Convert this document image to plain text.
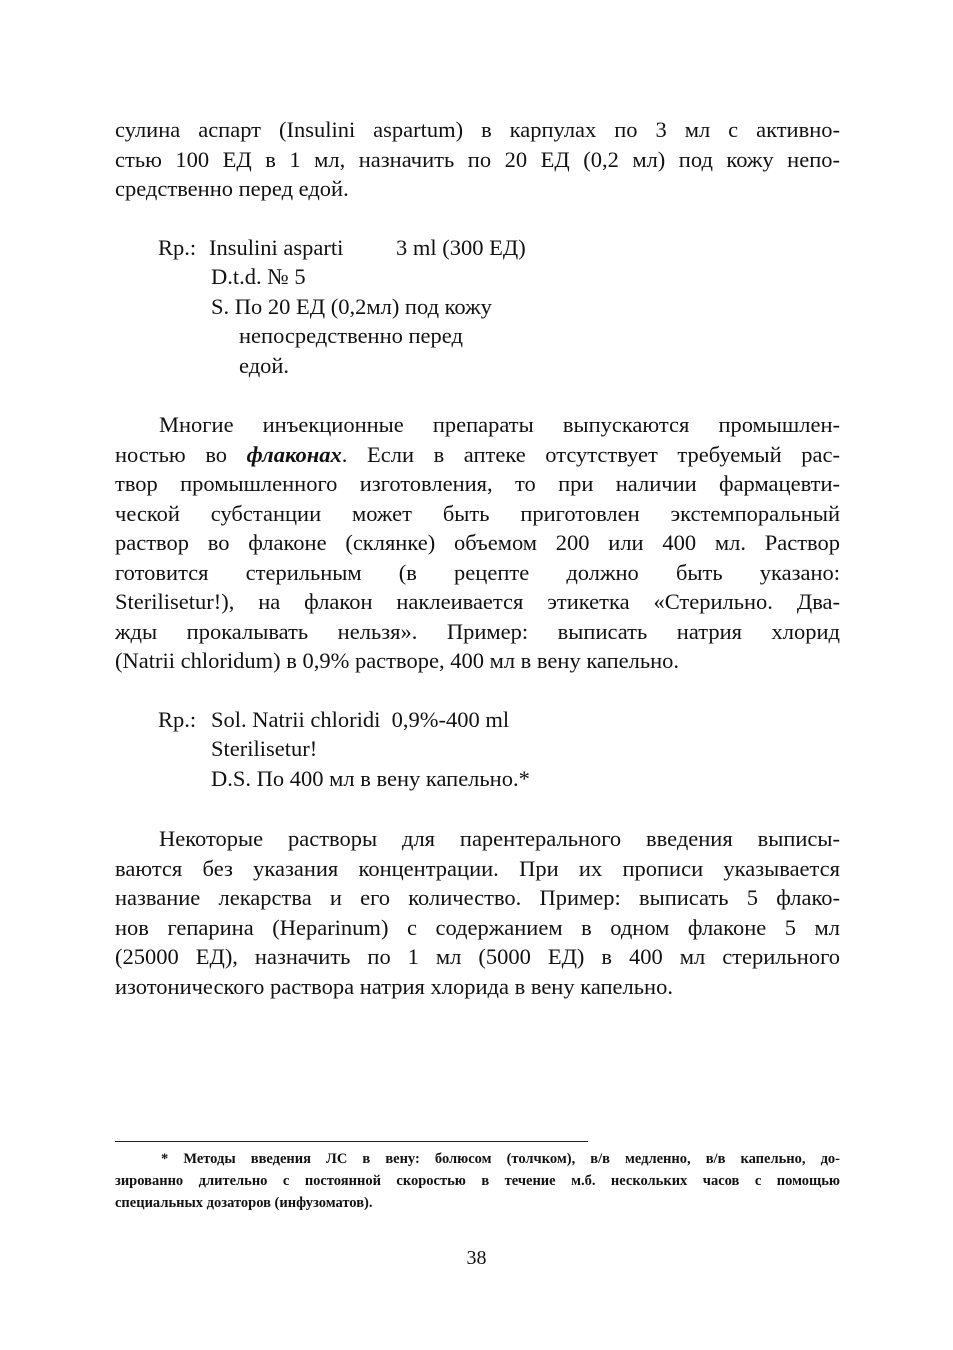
сулина аспарт (Insulini aspartum) в карпулах по 3 мл с активно-
стью 100 ЕД в 1 мл, назначить по 20 ЕД (0,2 мл) под кожу непо-
средственно перед едой.
Rp.: Insulini asparti 3 ml (300 ЕД)
D.t.d. № 5
S. По 20 ЕД (0,2мл) под кожу
непосредственно перед
едой.
Многие инъекционные препараты выпускаются промышлен-
ностью во флаконах. Если в аптеке отсутствует требуемый рас-
твор промышленного изготовления, то при наличии фармацевти-
ческой субстанции может быть приготовлен экстемпоральный
раствор во флаконе (склянке) объемом 200 или 400 мл. Раствор
готовится стерильным (в рецепте должно быть указано:
Sterilisetur!), на флакон наклеивается этикетка «Стерильно. Два-
жды прокалывать нельзя». Пример: выписать натрия хлорид
(Natrii chloridum) в 0,9% растворе, 400 мл в вену капельно.
Rp.: Sol. Natrii chloridi  0,9%-400 ml
Sterilisetur!
D.S. По 400 мл в вену капельно.*
Некоторые растворы для парентерального введения выписы-
ваются без указания концентрации. При их прописи указывается
название лекарства и его количество. Пример: выписать 5 флако-
нов гепарина (Heparinum) с содержанием в одном флаконе 5 мл
(25000 ЕД), назначить по 1 мл (5000 ЕД) в 400 мл стерильного
изотонического раствора натрия хлорида в вену капельно.
* Методы введения ЛС в вену: болюсом (толчком), в/в медленно, в/в капельно, до-
зированно длительно с постоянной скоростью в течение м.б. нескольких часов с помощью
специальных дозаторов (инфузоматов).
38
